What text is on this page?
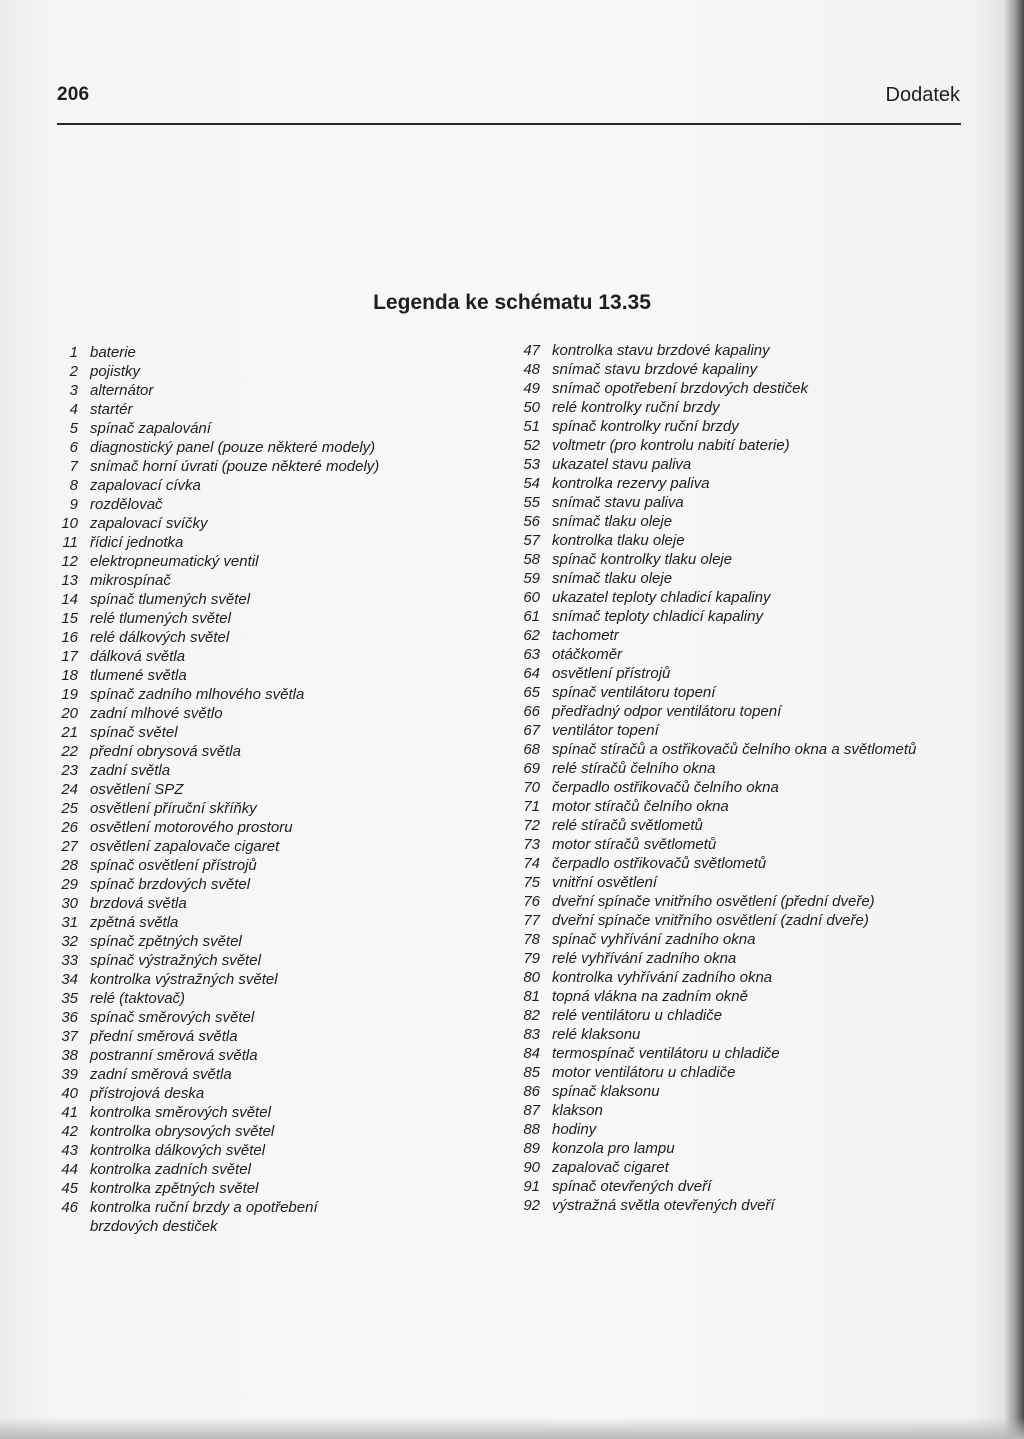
206	Dodatek
Legenda ke schématu 13.35
1 baterie
2 pojistky
3 alternátor
4 startér
5 spínač zapalování
6 diagnostický panel (pouze některé modely)
7 snímač horní úvrati (pouze některé modely)
8 zapalovací cívka
9 rozdělovač
10 zapalovací svíčky
11 řídicí jednotka
12 elektropneumatický ventil
13 mikrospínač
14 spínač tlumených světel
15 relé tlumených světel
16 relé dálkových světel
17 dálková světla
18 tlumené světla
19 spínač zadního mlhového světla
20 zadní mlhové světlo
21 spínač světel
22 přední obrysová světla
23 zadní světla
24 osvětlení SPZ
25 osvětlení příruční skříňky
26 osvětlení motorového prostoru
27 osvětlení zapalovače cigaret
28 spínač osvětlení přístrojů
29 spínač brzdových světel
30 brzdová světla
31 zpětná světla
32 spínač zpětných světel
33 spínač výstražných světel
34 kontrolka výstražných světel
35 relé (taktovač)
36 spínač směrových světel
37 přední směrová světla
38 postranní směrová světla
39 zadní směrová světla
40 přístrojová deska
41 kontrolka směrových světel
42 kontrolka obrysových světel
43 kontrolka dálkových světel
44 kontrolka zadních světel
45 kontrolka zpětných světel
46 kontrolka ruční brzdy a opotřebení
brzdových destiček
47 kontrolka stavu brzdové kapaliny
48 snímač stavu brzdové kapaliny
49 snímač opotřebení brzdových destiček
50 relé kontrolky ruční brzdy
51 spínač kontrolky ruční brzdy
52 voltmetr (pro kontrolu nabití baterie)
53 ukazatel stavu paliva
54 kontrolka rezervy paliva
55 snímač stavu paliva
56 snímač tlaku oleje
57 kontrolka tlaku oleje
58 spínač kontrolky tlaku oleje
59 snímač tlaku oleje
60 ukazatel teploty chladicí kapaliny
61 snímač teploty chladicí kapaliny
62 tachometr
63 otáčkoměr
64 osvětlení přístrojů
65 spínač ventilátoru topení
66 předřadný odpor ventilátoru topení
67 ventilátor topení
68 spínač stíračů a ostřikovačů čelního okna a světlometů
69 relé stíračů čelního okna
70 čerpadlo ostřikovačů čelního okna
71 motor stíračů čelního okna
72 relé stíračů světlometů
73 motor stíračů světlometů
74 čerpadlo ostřikovačů světlometů
75 vnitřní osvětlení
76 dveřní spínače vnitřního osvětlení (přední dveře)
77 dveřní spínače vnitřního osvětlení (zadní dveře)
78 spínač vyhřívání zadního okna
79 relé vyhřívání zadního okna
80 kontrolka vyhřívání zadního okna
81 topná vlákna na zadním okně
82 relé ventilátoru u chladiče
83 relé klaksonu
84 termospínač ventilátoru u chladiče
85 motor ventilátoru u chladiče
86 spínač klaksonu
87 klakson
88 hodiny
89 konzola pro lampu
90 zapalovač cigaret
91 spínač otevřených dveří
92 výstražná světla otevřených dveří
